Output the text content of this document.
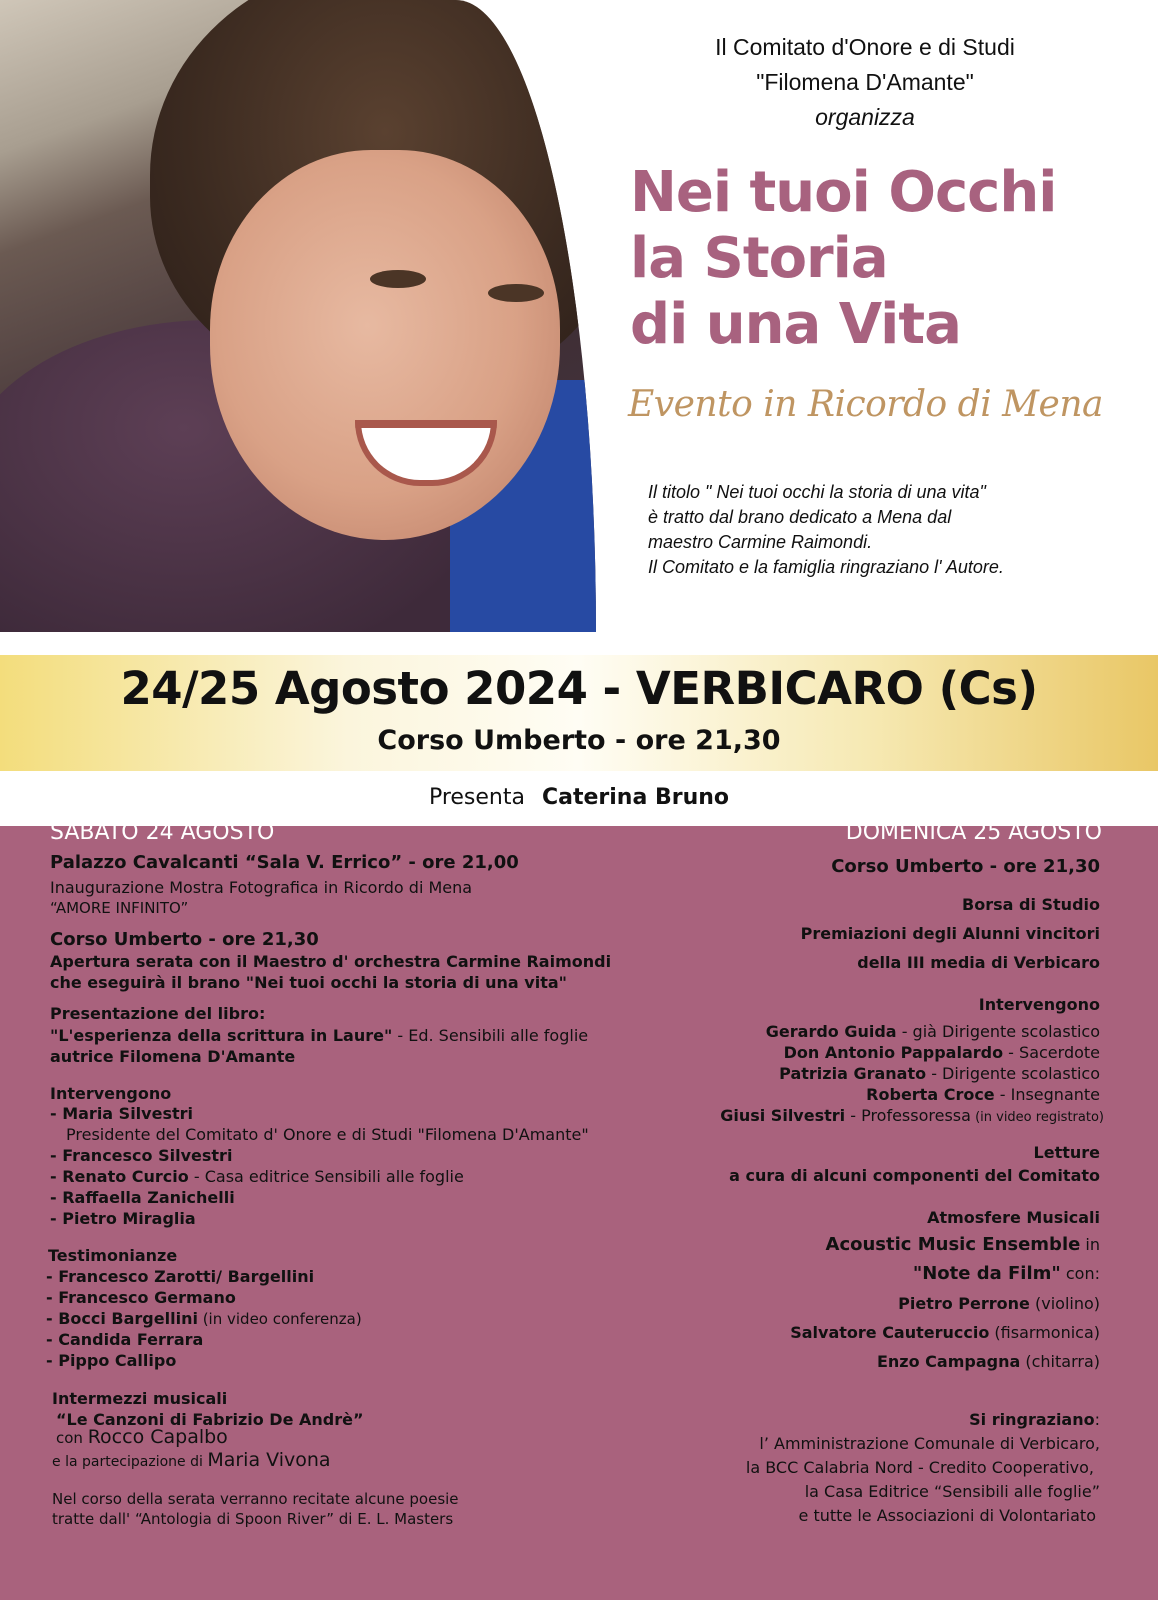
Il Comitato d'Onore e di Studi
"Filomena D'Amante"
organizza
Nei tuoi Occhi
la Storia
di una Vita
Evento in Ricordo di Mena
Il titolo " Nei tuoi occhi la storia di una vita"
è tratto dal brano dedicato a Mena dal
maestro Carmine Raimondi.
Il Comitato e la famiglia ringraziano l' Autore.
24/25 Agosto 2024 - VERBICARO (Cs)
Corso Umberto - ore 21,30
Presenta Caterina Bruno
SABATO 24 AGOSTO
Palazzo Cavalcanti “Sala V. Errico” - ore 21,00
Inaugurazione Mostra Fotografica in Ricordo di Mena
“AMORE INFINITO”
Corso Umberto - ore 21,30
Apertura serata con il Maestro d' orchestra Carmine Raimondi
che eseguirà il brano "Nei tuoi occhi la storia di una vita"
Presentazione del libro:
"L'esperienza della scrittura in Laure" - Ed. Sensibili alle foglie
autrice Filomena D'Amante
Intervengono
- Maria Silvestri
Presidente del Comitato d' Onore e di Studi "Filomena D'Amante"
- Francesco Silvestri
- Renato Curcio - Casa editrice Sensibili alle foglie
- Raffaella Zanichelli
- Pietro Miraglia
Testimonianze
- Francesco Zarotti/ Bargellini
- Francesco Germano
- Bocci Bargellini (in video conferenza)
- Candida Ferrara
- Pippo Callipo
Intermezzi musicali
“Le Canzoni di Fabrizio De Andrè”
con Rocco Capalbo
e la partecipazione di Maria Vivona
Nel corso della serata verranno recitate alcune poesie
tratte dall' “Antologia di Spoon River” di E. L. Masters
DOMENICA 25 AGOSTO
Corso Umberto - ore 21,30
Borsa di Studio
Premiazioni degli Alunni vincitori
della III media di Verbicaro
Intervengono
Gerardo Guida - già Dirigente scolastico
Don Antonio Pappalardo - Sacerdote
Patrizia Granato - Dirigente scolastico
Roberta Croce - Insegnante
Giusi Silvestri - Professoressa (in video registrato)
Letture
a cura di alcuni componenti del Comitato
Atmosfere Musicali
Acoustic Music Ensemble in
"Note da Film" con:
Pietro Perrone (violino)
Salvatore Cauteruccio (fisarmonica)
Enzo Campagna (chitarra)
Si ringraziano:
l’ Amministrazione Comunale di Verbicaro,
la BCC Calabria Nord - Credito Cooperativo,
la Casa Editrice “Sensibili alle foglie”
e tutte le Associazioni di Volontariato
